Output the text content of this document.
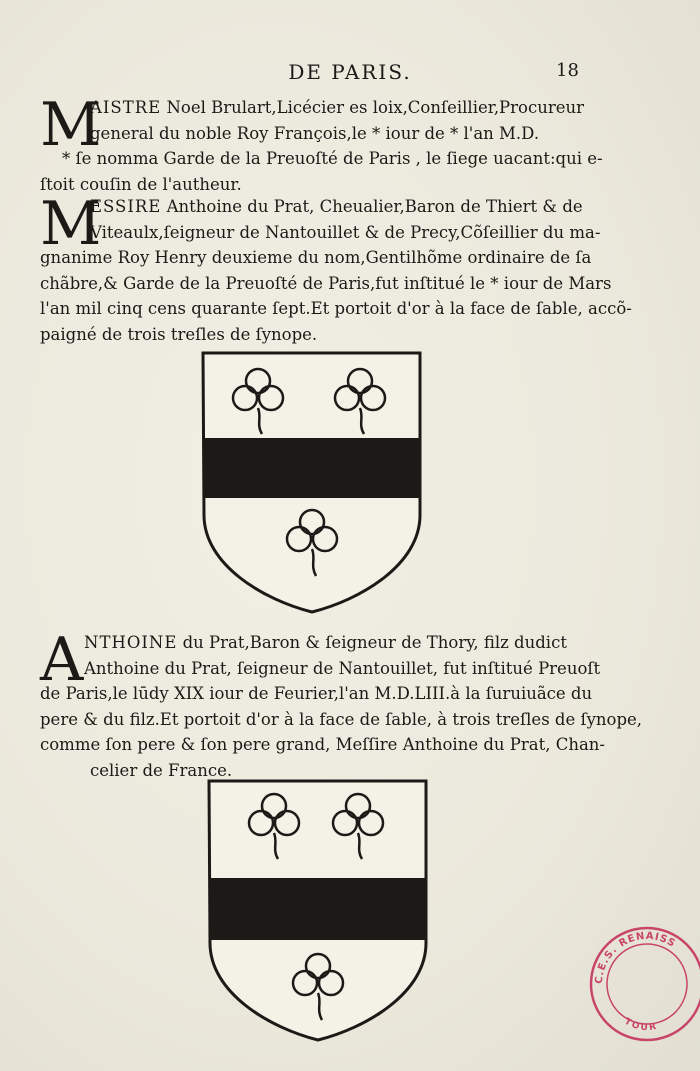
DE PARIS.	18
M
AISTRE Noel Brulart,Licécier es loix,Conſeillier,Procureur
general du noble Roy François,le * iour de * l'an M.D.
* ſe nomma Garde de la Preuoſté de Paris , le ſiege uacant:qui e-
ſtoit couſin de l'autheur.
M
ESSIRE Anthoine du Prat, Cheualier,Baron de Thiert & de
Viteaulx,ſeigneur de Nantouillet & de Precy,Cõſeillier du ma-
gnanime Roy Henry deuxieme du nom,Gentilhõme ordinaire de ſa
chãbre,& Garde de la Preuoſté de Paris,fut inſtitué le * iour de Mars
l'an mil cinq cens quarante ſept.Et portoit d'or à la face de ſable, accõ-
paigné de trois treſles de ſynope.
A NTHOINE du Prat,Baron & ſeigneur de Thory, filz dudict
Anthoine du Prat, ſeigneur de Nantouillet, fut inſtitué Preuoſt
de Paris,le lūdy XIX iour de Feurier,l'an M.D.LIII.à la ſuruiuãce du
pere & du filz.Et portoit d'or à la face de ſable, à trois treſles de ſynope,
comme ſon pere & ſon pere grand, Meſſire Anthoine du Prat, Chan-
celier de France.
C.E.S. RENAISS
TOUR
